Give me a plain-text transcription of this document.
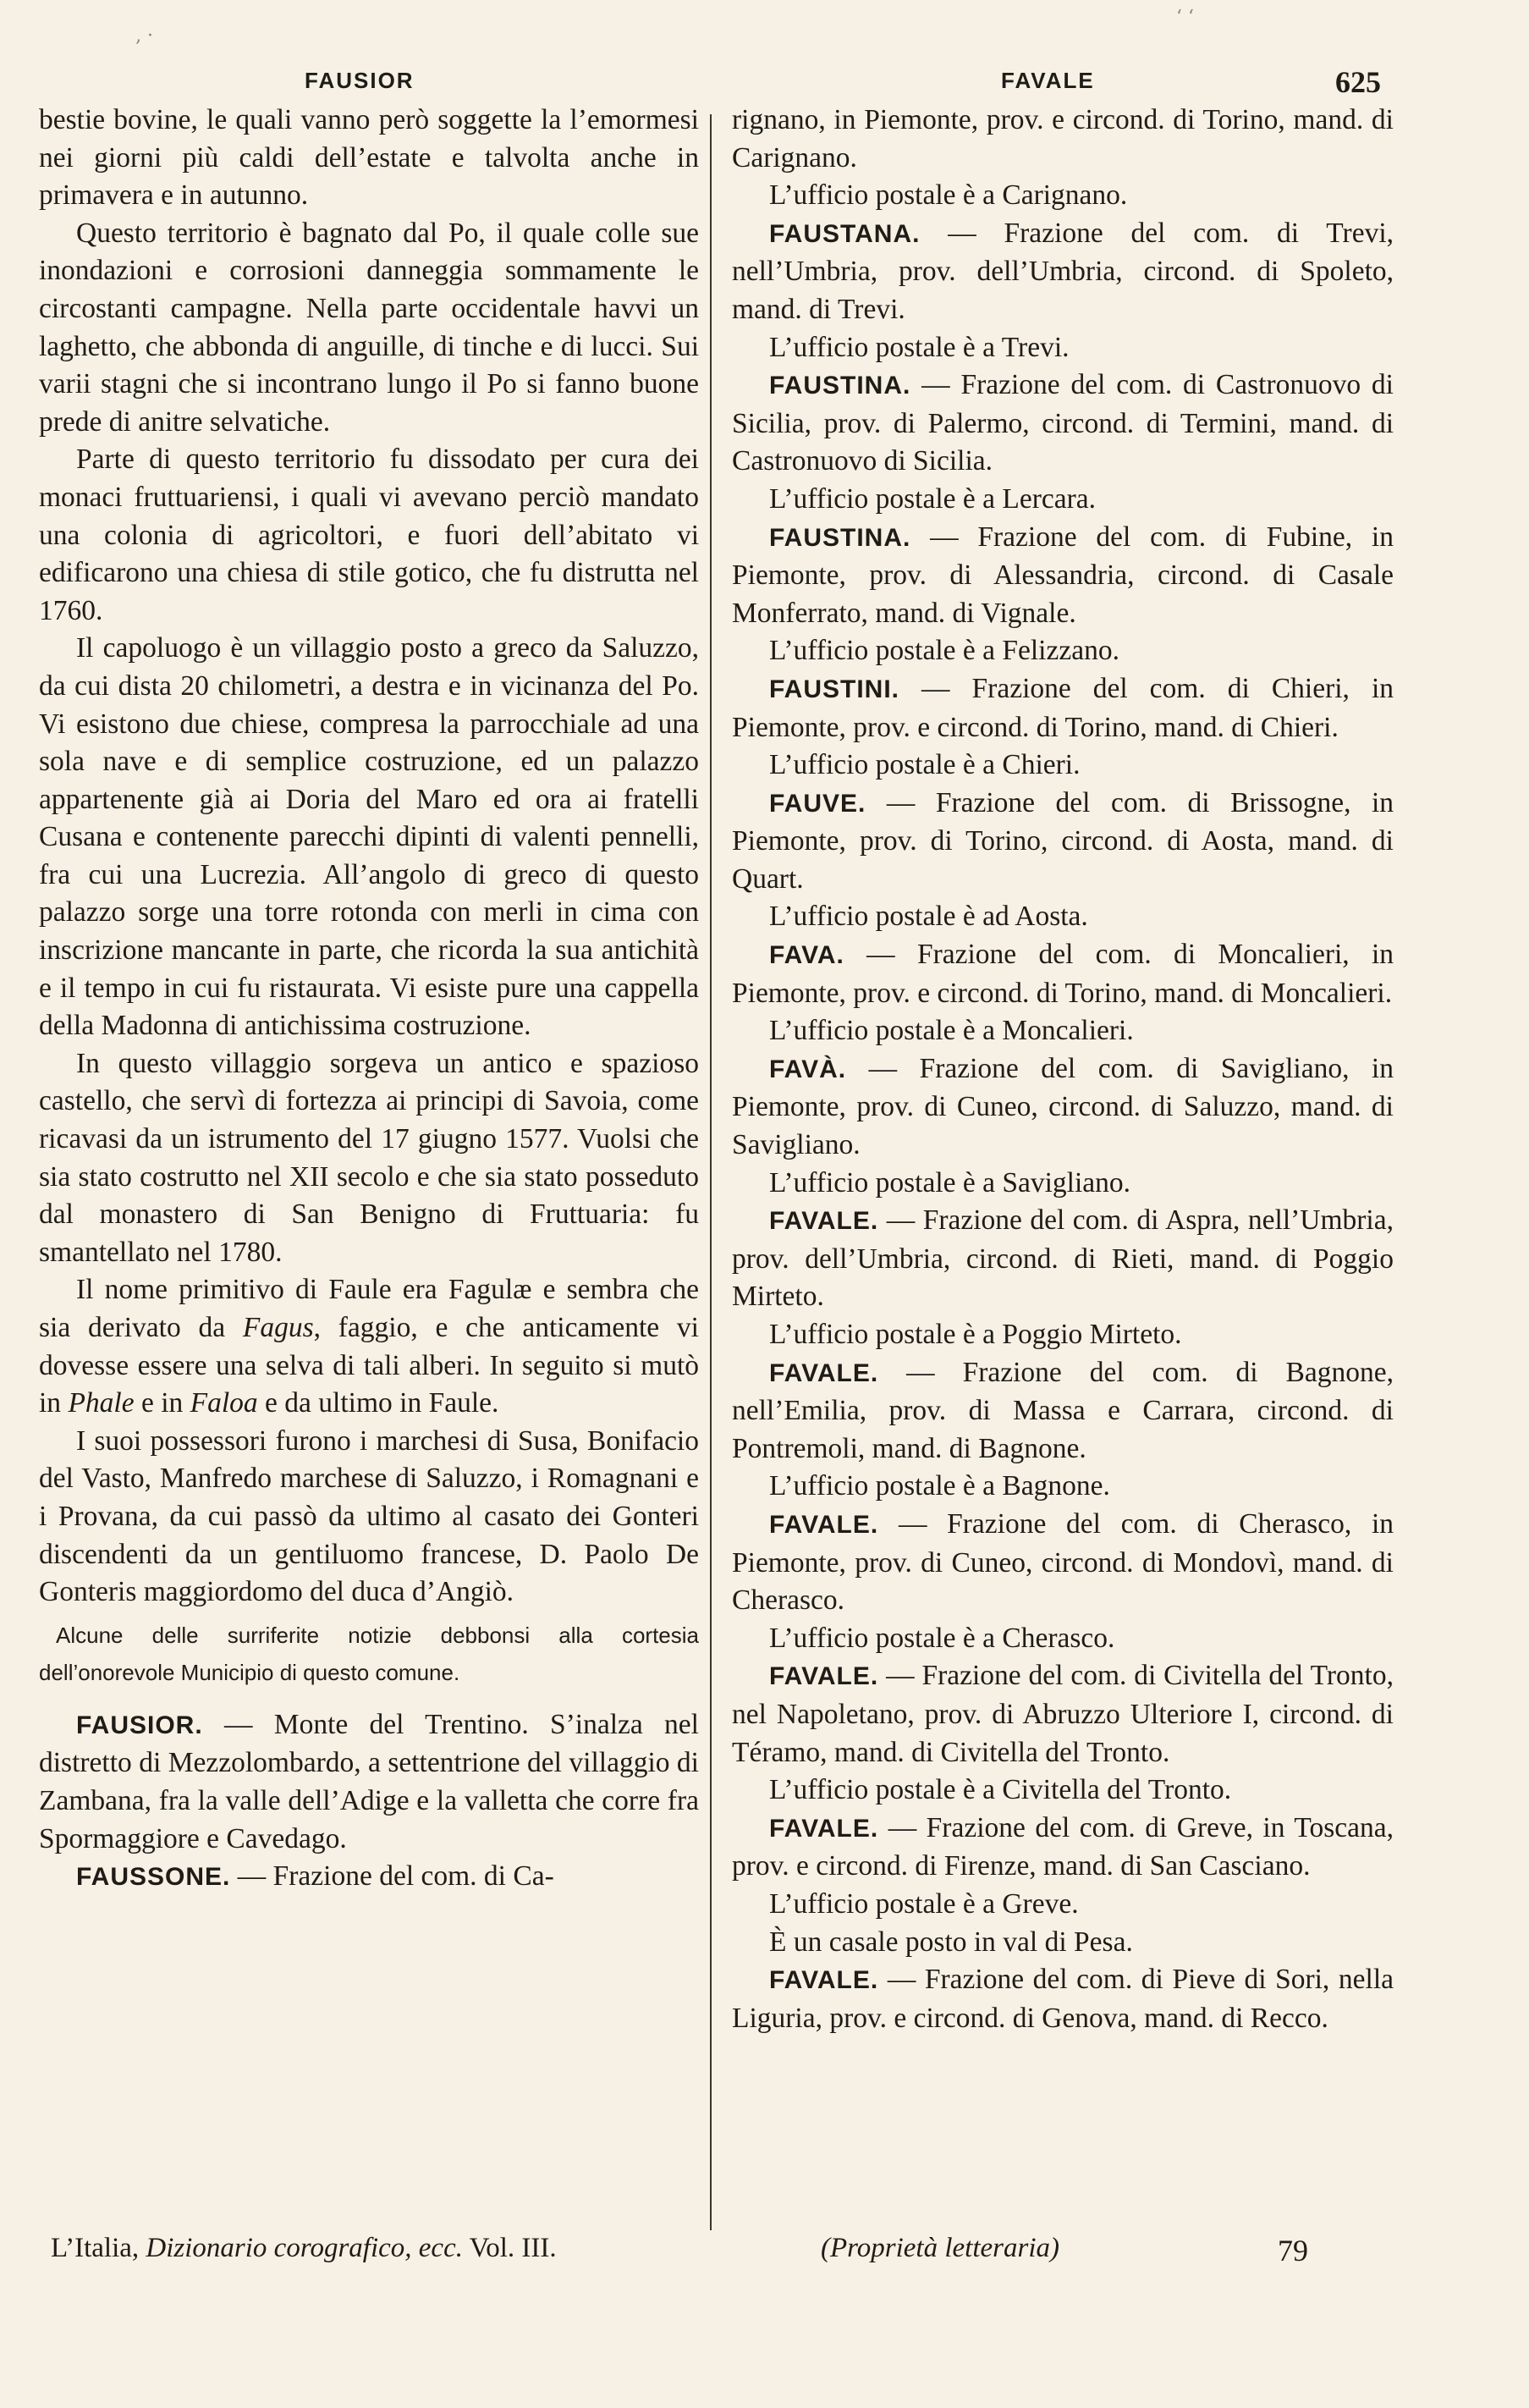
‚ ·
ʻ ʻ
FAUSIOR	FAVALE	625

bestie bovine, le quali vanno però soggette la l’emormesi nei giorni più caldi dell’estate e talvolta anche in primavera e in autunno.

Questo territorio è bagnato dal Po, il quale colle sue inondazioni e corrosioni danneggia sommamente le circostanti campagne. Nella parte occidentale havvi un laghetto, che abbonda di anguille, di tinche e di lucci. Sui varii stagni che si incontrano lungo il Po si fanno buone prede di anitre selvatiche.

Parte di questo territorio fu dissodato per cura dei monaci fruttuariensi, i quali vi avevano perciò mandato una colonia di agricoltori, e fuori dell’abitato vi edificarono una chiesa di stile gotico, che fu distrutta nel 1760.

Il capoluogo è un villaggio posto a greco da Saluzzo, da cui dista 20 chilometri, a destra e in vicinanza del Po. Vi esistono due chiese, compresa la parrocchiale ad una sola nave e di semplice costruzione, ed un palazzo appartenente già ai Doria del Maro ed ora ai fratelli Cusana e contenente parecchi dipinti di valenti pennelli, fra cui una Lucrezia. All’angolo di greco di questo palazzo sorge una torre rotonda con merli in cima con inscrizione mancante in parte, che ricorda la sua antichità e il tempo in cui fu ristaurata. Vi esiste pure una cappella della Madonna di antichissima costruzione.

In questo villaggio sorgeva un antico e spazioso castello, che servì di fortezza ai principi di Savoia, come ricavasi da un istrumento del 17 giugno 1577. Vuolsi che sia stato costrutto nel XII secolo e che sia stato posseduto dal monastero di San Benigno di Fruttuaria: fu smantellato nel 1780.

Il nome primitivo di Faule era Fagulæ e sembra che sia derivato da Fagus, faggio, e che anticamente vi dovesse essere una selva di tali alberi. In seguito si mutò in Phale e in Faloa e da ultimo in Faule.

I suoi possessori furono i marchesi di Susa, Bonifacio del Vasto, Manfredo marchese di Saluzzo, i Romagnani e i Provana, da cui passò da ultimo al casato dei Gonteri discendenti da un gentiluomo francese, D. Paolo De Gonteris maggiordomo del duca d’Angiò.

Alcune delle surriferite notizie debbonsi alla cortesia dell’onorevole Municipio di questo comune.

FAUSIOR. — Monte del Trentino. S’inalza nel distretto di Mezzolombardo, a settentrione del villaggio di Zambana, fra la valle dell’Adige e la valletta che corre fra Spormaggiore e Cavedago.

FAUSSONE. — Frazione del com. di Ca-

rignano, in Piemonte, prov. e circond. di Torino, mand. di Carignano.

L’ufficio postale è a Carignano.

FAUSTANA. — Frazione del com. di Trevi, nell’Umbria, prov. dell’Umbria, circond. di Spoleto, mand. di Trevi.

L’ufficio postale è a Trevi.

FAUSTINA. — Frazione del com. di Castronuovo di Sicilia, prov. di Palermo, circond. di Termini, mand. di Castronuovo di Sicilia.

L’ufficio postale è a Lercara.

FAUSTINA. — Frazione del com. di Fubine, in Piemonte, prov. di Alessandria, circond. di Casale Monferrato, mand. di Vignale.

L’ufficio postale è a Felizzano.

FAUSTINI. — Frazione del com. di Chieri, in Piemonte, prov. e circond. di Torino, mand. di Chieri.

L’ufficio postale è a Chieri.

FAUVE. — Frazione del com. di Brissogne, in Piemonte, prov. di Torino, circond. di Aosta, mand. di Quart.

L’ufficio postale è ad Aosta.

FAVA. — Frazione del com. di Moncalieri, in Piemonte, prov. e circond. di Torino, mand. di Moncalieri.

L’ufficio postale è a Moncalieri.

FAVÀ. — Frazione del com. di Savigliano, in Piemonte, prov. di Cuneo, circond. di Saluzzo, mand. di Savigliano.

L’ufficio postale è a Savigliano.

FAVALE. — Frazione del com. di Aspra, nell’Umbria, prov. dell’Umbria, circond. di Rieti, mand. di Poggio Mirteto.

L’ufficio postale è a Poggio Mirteto.

FAVALE. — Frazione del com. di Bagnone, nell’Emilia, prov. di Massa e Carrara, circond. di Pontremoli, mand. di Bagnone.

L’ufficio postale è a Bagnone.

FAVALE. — Frazione del com. di Cherasco, in Piemonte, prov. di Cuneo, circond. di Mondovì, mand. di Cherasco.

L’ufficio postale è a Cherasco.

FAVALE. — Frazione del com. di Civitella del Tronto, nel Napoletano, prov. di Abruzzo Ulteriore I, circond. di Téramo, mand. di Civitella del Tronto.

L’ufficio postale è a Civitella del Tronto.

FAVALE. — Frazione del com. di Greve, in Toscana, prov. e circond. di Firenze, mand. di San Casciano.

L’ufficio postale è a Greve.

È un casale posto in val di Pesa.

FAVALE. — Frazione del com. di Pieve di Sori, nella Liguria, prov. e circond. di Genova, mand. di Recco.

L’Italia, Dizionario corografico, ecc. Vol. III.	(Proprietà letteraria)	79
